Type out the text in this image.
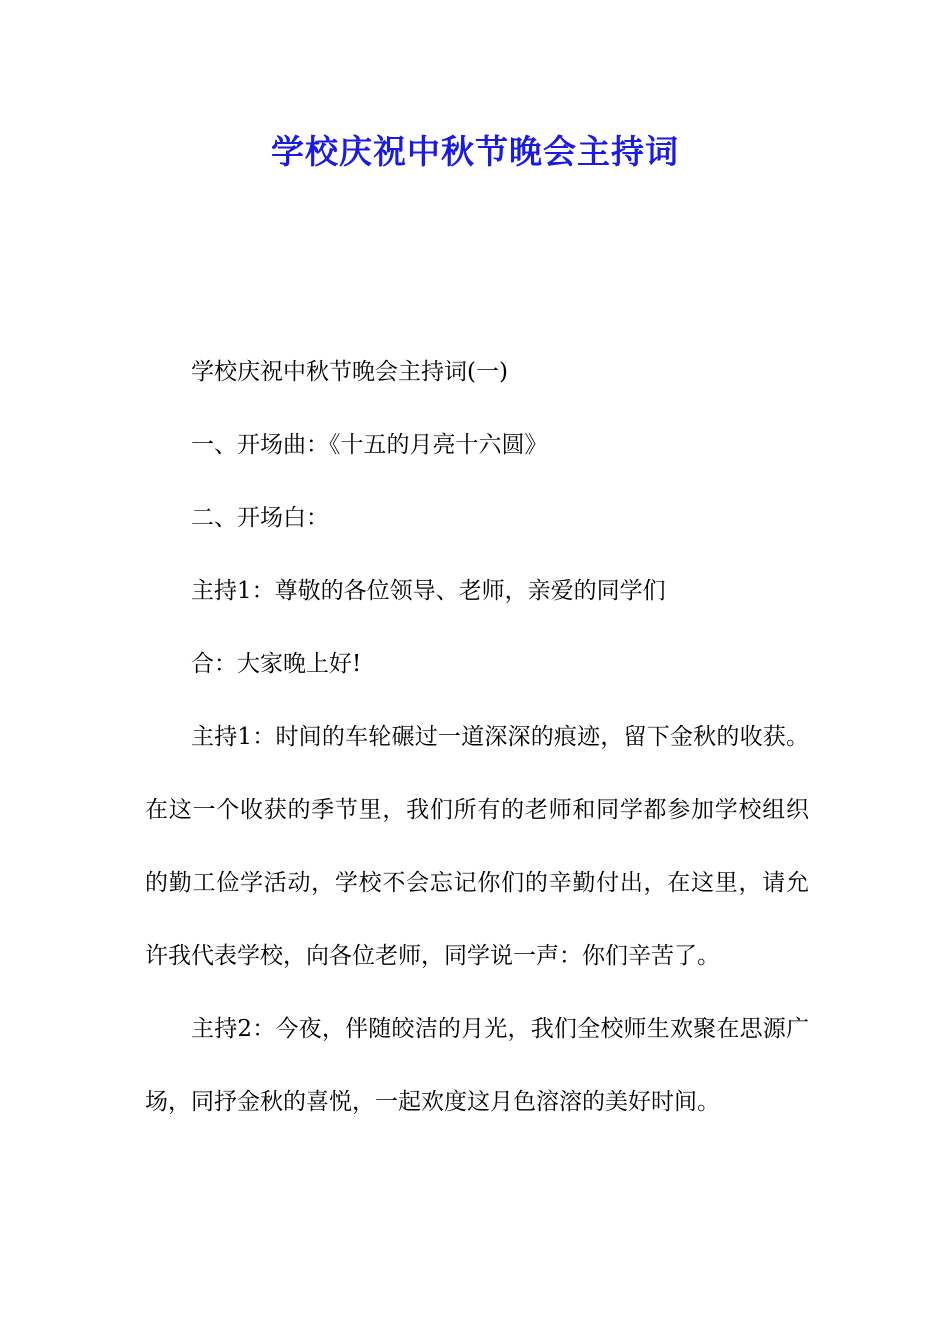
学校庆祝中秋节晚会主持词

学校庆祝中秋节晚会主持词(一)

一、开场曲：《十五的月亮十六圆》

二、开场白：

主持1：尊敬的各位领导、老师，亲爱的同学们

合：大家晚上好!

主持1：时间的车轮碾过一道深深的痕迹，留下金秋的收获。在这一个收获的季节里，我们所有的老师和同学都参加学校组织的勤工俭学活动，学校不会忘记你们的辛勤付出，在这里，请允许我代表学校，向各位老师，同学说一声：你们辛苦了。

主持2：今夜，伴随皎洁的月光，我们全校师生欢聚在思源广场，同抒金秋的喜悦，一起欢度这月色溶溶的美好时间。
